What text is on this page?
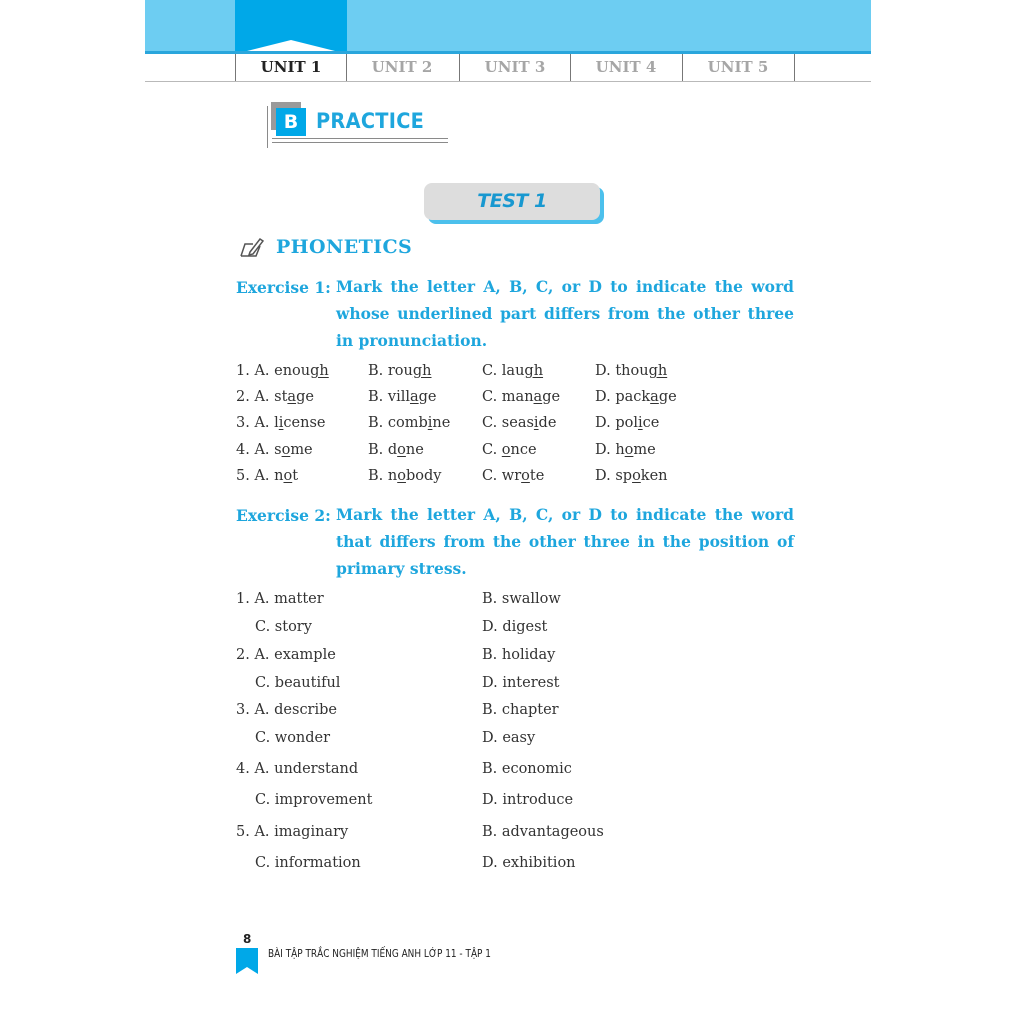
UNIT 1	UNIT 2	UNIT 3	UNIT 4	UNIT 5
B PRACTICE
TEST 1
PHONETICS
Exercise 1: Mark the letter A, B, C, or D to indicate the word whose underlined part differs from the other three in pronunciation.
1. A. enough	B. rough	C. laugh	D. though
2. A. stage	B. village	C. manage D. package
3. A. license	B. combine C. seaside	D. police
4. A. some	B. done	C. once	D. home
5. A. not	B. nobody	C. wrote	D. spoken
Exercise 2: Mark the letter A, B, C, or D to indicate the word that differs from the other three in the position of primary stress.
1. A. matter	B. swallow
C. story	D. digest
2. A. example	B. holiday
C. beautiful	D. interest
3. A. describe	B. chapter
C. wonder	D. easy
4. A. understand	B. economic
C. improvement	D. introduce
5. A. imaginary	B. advantageous
C. information	D. exhibition
8
BÀI TẬP TRẮC NGHIỆM TIẾNG ANH LỚP 11 - TẬP 1
